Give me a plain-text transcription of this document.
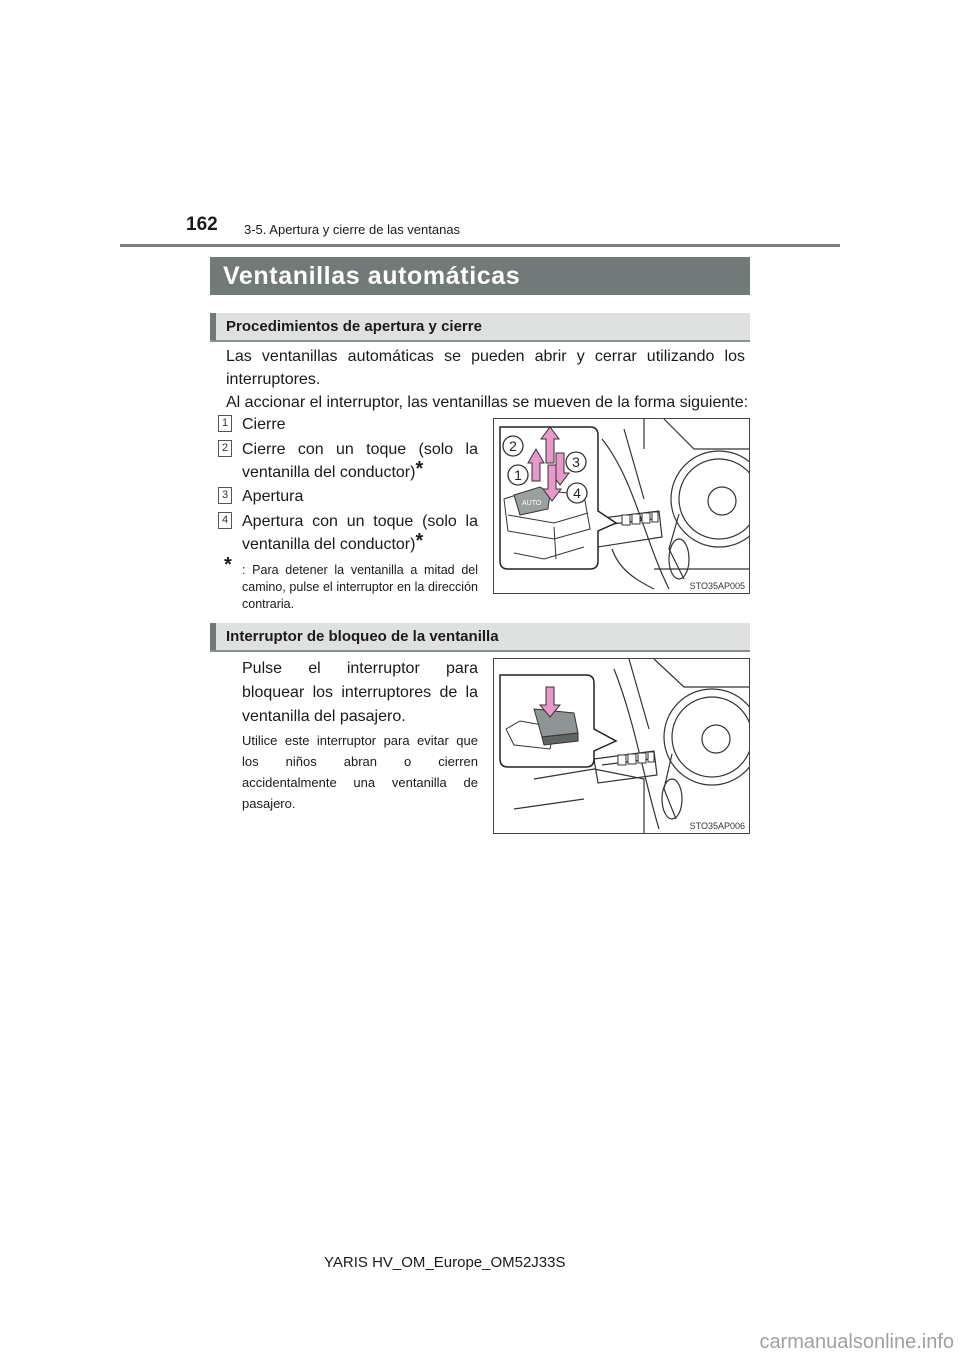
162 3-5. Apertura y cierre de las ventanas
Ventanillas automáticas
Procedimientos de apertura y cierre
Las ventanillas automáticas se pueden abrir y cerrar utilizando los interruptores.
Al accionar el interruptor, las ventanillas se mueven de la forma siguiente:
1 Cierre
2 Cierre con un toque (solo la ventanilla del conductor)*
3 Apertura
4 Apertura con un toque (solo la ventanilla del conductor)*
* : Para detener la ventanilla a mitad del camino, pulse el interruptor en la dirección contraria.
AUTO
2
3
1
4
STO35AP005
Interruptor de bloqueo de la ventanilla
Pulse el interruptor para bloquear los interruptores de la ventanilla del pasajero.
Utilice este interruptor para evitar que los niños abran o cierren accidentalmente una ventanilla de pasajero.
STO35AP006
YARIS HV_OM_Europe_OM52J33S
carmanualsonline.info
